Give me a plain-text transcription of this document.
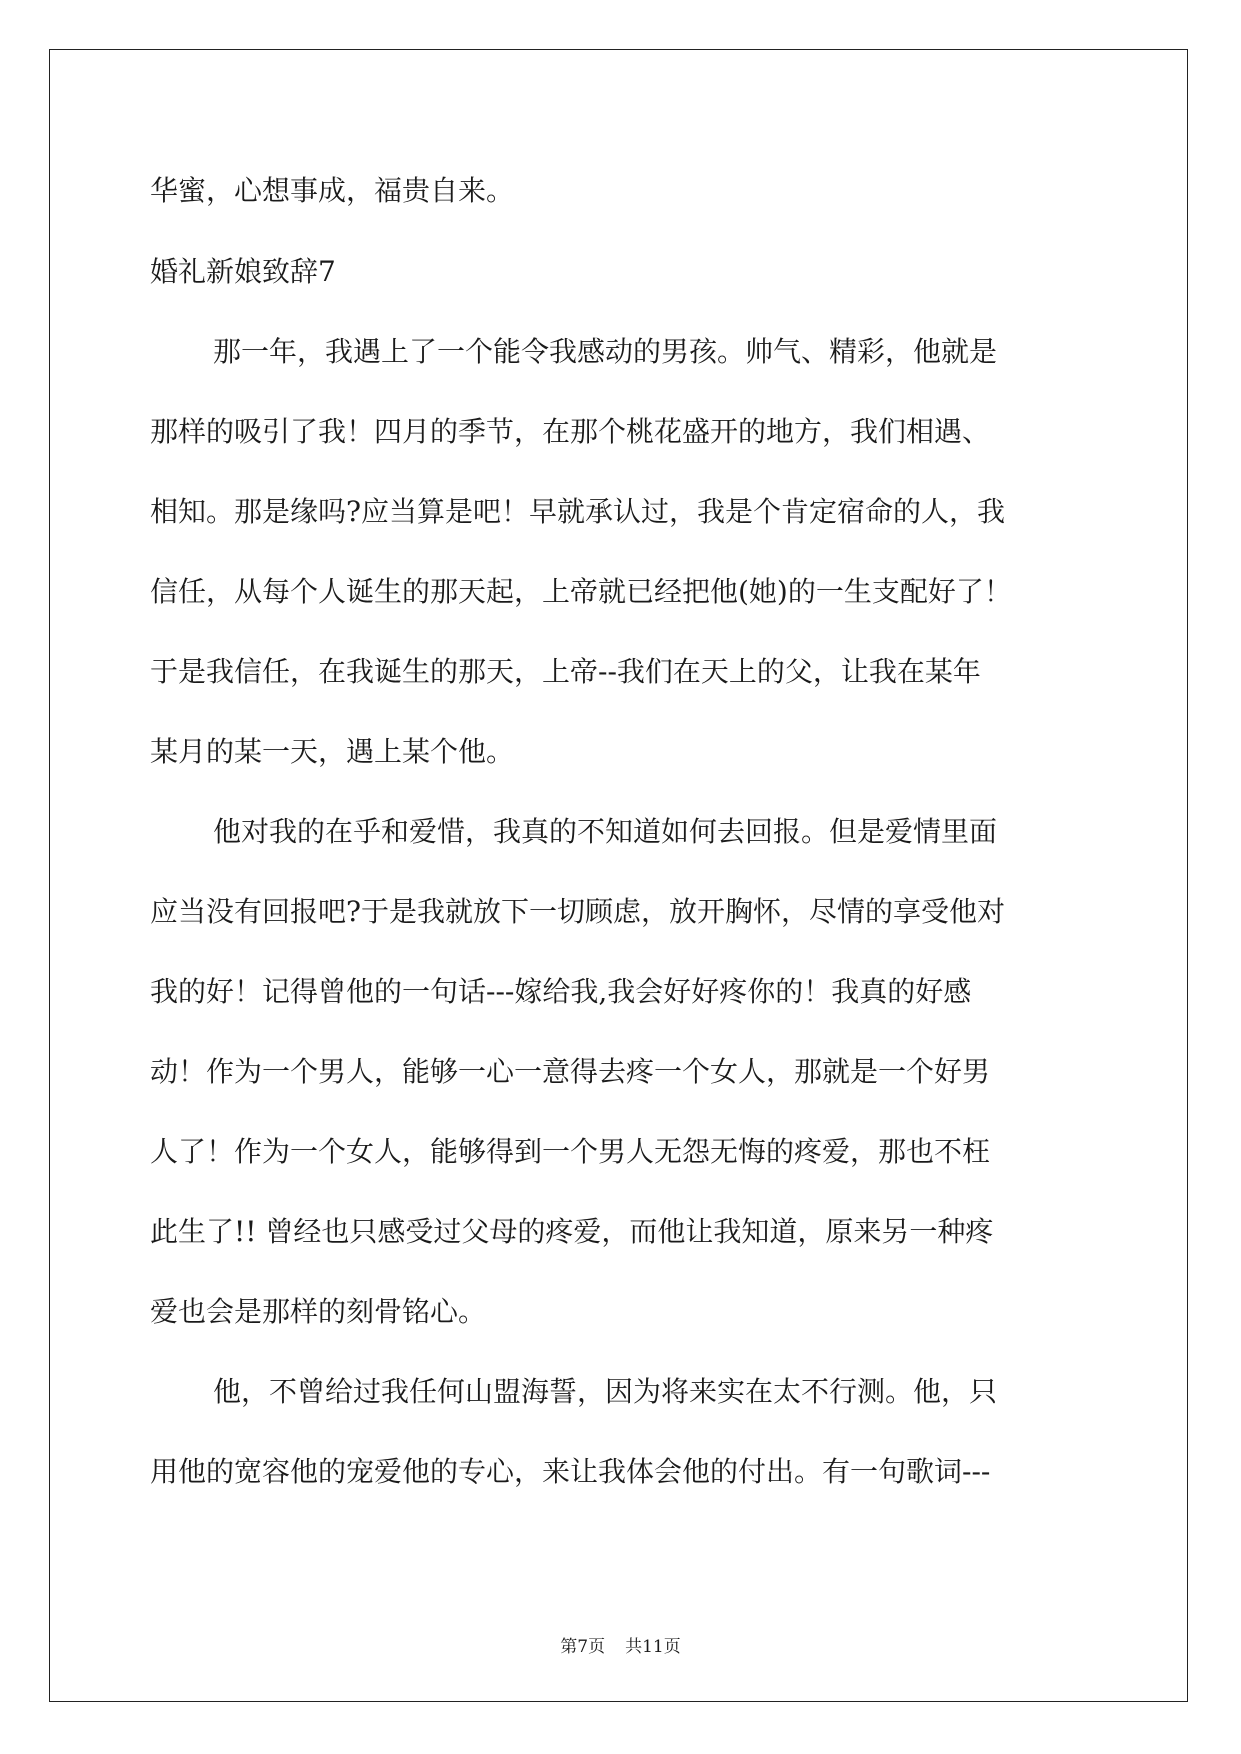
华蜜，心想事成，福贵自来。

婚礼新娘致辞7

那一年，我遇上了一个能令我感动的男孩。帅气、精彩，他就是

那样的吸引了我！四月的季节，在那个桃花盛开的地方，我们相遇、

相知。那是缘吗?应当算是吧！早就承认过，我是个肯定宿命的人，我

信任，从每个人诞生的那天起，上帝就已经把他(她)的一生支配好了！

于是我信任，在我诞生的那天，上帝--我们在天上的父，让我在某年

某月的某一天，遇上某个他。

他对我的在乎和爱惜，我真的不知道如何去回报。但是爱情里面

应当没有回报吧?于是我就放下一切顾虑，放开胸怀，尽情的享受他对

我的好！记得曾他的一句话---嫁给我,我会好好疼你的！我真的好感

动！作为一个男人，能够一心一意得去疼一个女人，那就是一个好男

人了！作为一个女人，能够得到一个男人无怨无悔的疼爱，那也不枉

此生了!! 曾经也只感受过父母的疼爱，而他让我知道，原来另一种疼

爱也会是那样的刻骨铭心。

他，不曾给过我任何山盟海誓，因为将来实在太不行测。他，只

用他的宽容他的宠爱他的专心，来让我体会他的付出。有一句歌词---

第7页 共11页
